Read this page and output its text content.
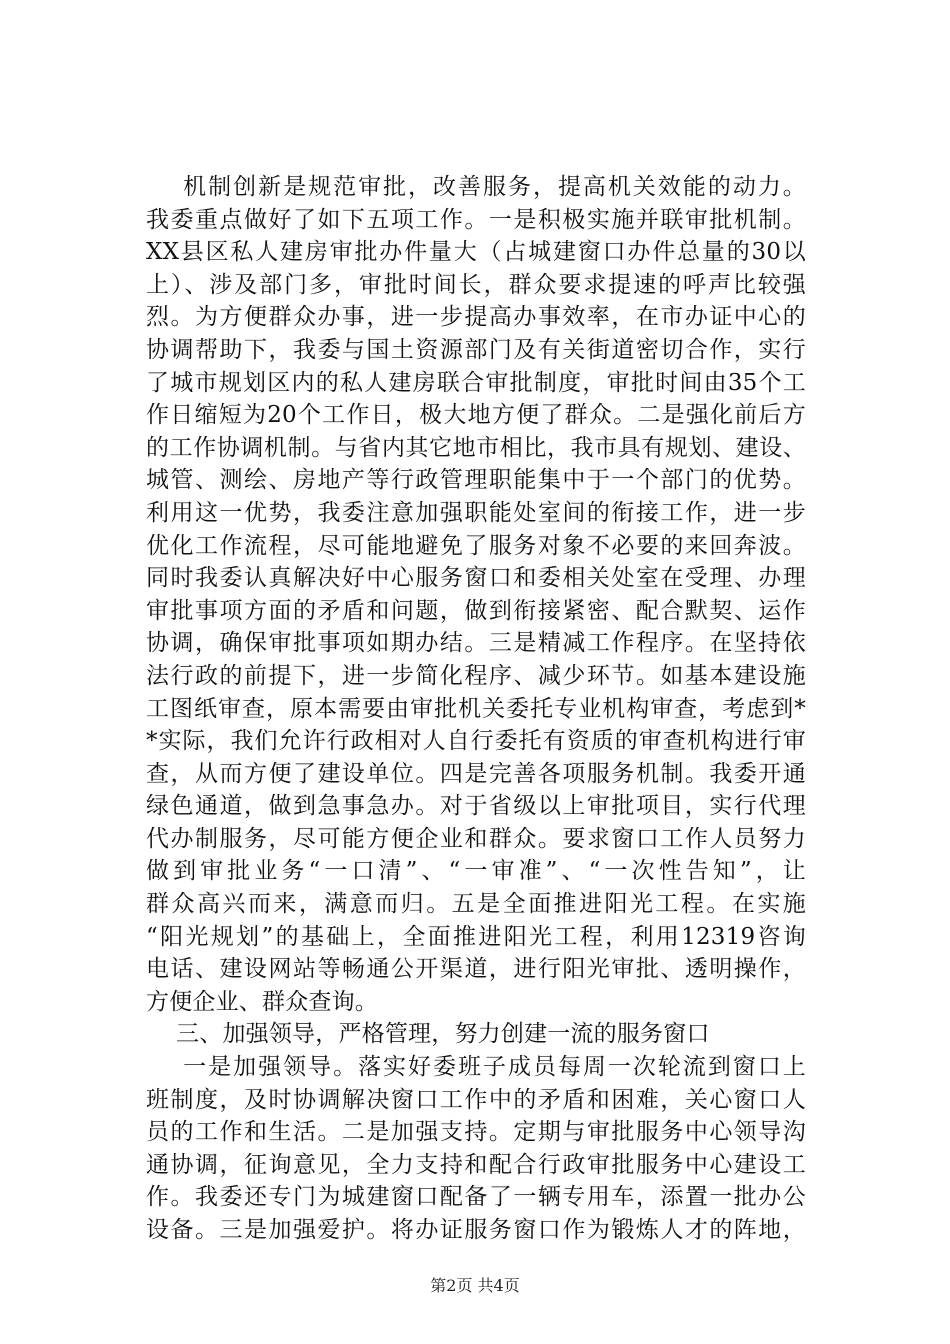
机制创新是规范审批，改善服务，提高机关效能的动力。
我委重点做好了如下五项工作。一是积极实施并联审批机制。
XX县区私人建房审批办件量大（占城建窗口办件总量的30以
上）、涉及部门多，审批时间长，群众要求提速的呼声比较强
烈。为方便群众办事，进一步提高办事效率，在市办证中心的
协调帮助下，我委与国土资源部门及有关街道密切合作，实行
了城市规划区内的私人建房联合审批制度，审批时间由35个工
作日缩短为20个工作日，极大地方便了群众。二是强化前后方
的工作协调机制。与省内其它地市相比，我市具有规划、建设、
城管、测绘、房地产等行政管理职能集中于一个部门的优势。
利用这一优势，我委注意加强职能处室间的衔接工作，进一步
优化工作流程，尽可能地避免了服务对象不必要的来回奔波。
同时我委认真解决好中心服务窗口和委相关处室在受理、办理
审批事项方面的矛盾和问题，做到衔接紧密、配合默契、运作
协调，确保审批事项如期办结。三是精减工作程序。在坚持依
法行政的前提下，进一步简化程序、减少环节。如基本建设施
工图纸审查，原本需要由审批机关委托专业机构审查，考虑到*
*实际，我们允许行政相对人自行委托有资质的审查机构进行审
查，从而方便了建设单位。四是完善各项服务机制。我委开通
绿色通道，做到急事急办。对于省级以上审批项目，实行代理
代办制服务，尽可能方便企业和群众。要求窗口工作人员努力
做到审批业务“一口清”、“一审准”、“一次性告知”，让
群众高兴而来，满意而归。五是全面推进阳光工程。在实施
“阳光规划”的基础上，全面推进阳光工程，利用12319咨询
电话、建设网站等畅通公开渠道，进行阳光审批、透明操作，
方便企业、群众查询。
三、加强领导，严格管理，努力创建一流的服务窗口
一是加强领导。落实好委班子成员每周一次轮流到窗口上
班制度，及时协调解决窗口工作中的矛盾和困难，关心窗口人
员的工作和生活。二是加强支持。定期与审批服务中心领导沟
通协调，征询意见，全力支持和配合行政审批服务中心建设工
作。我委还专门为城建窗口配备了一辆专用车，添置一批办公
设备。三是加强爱护。将办证服务窗口作为锻炼人才的阵地，
第2页 共4页
